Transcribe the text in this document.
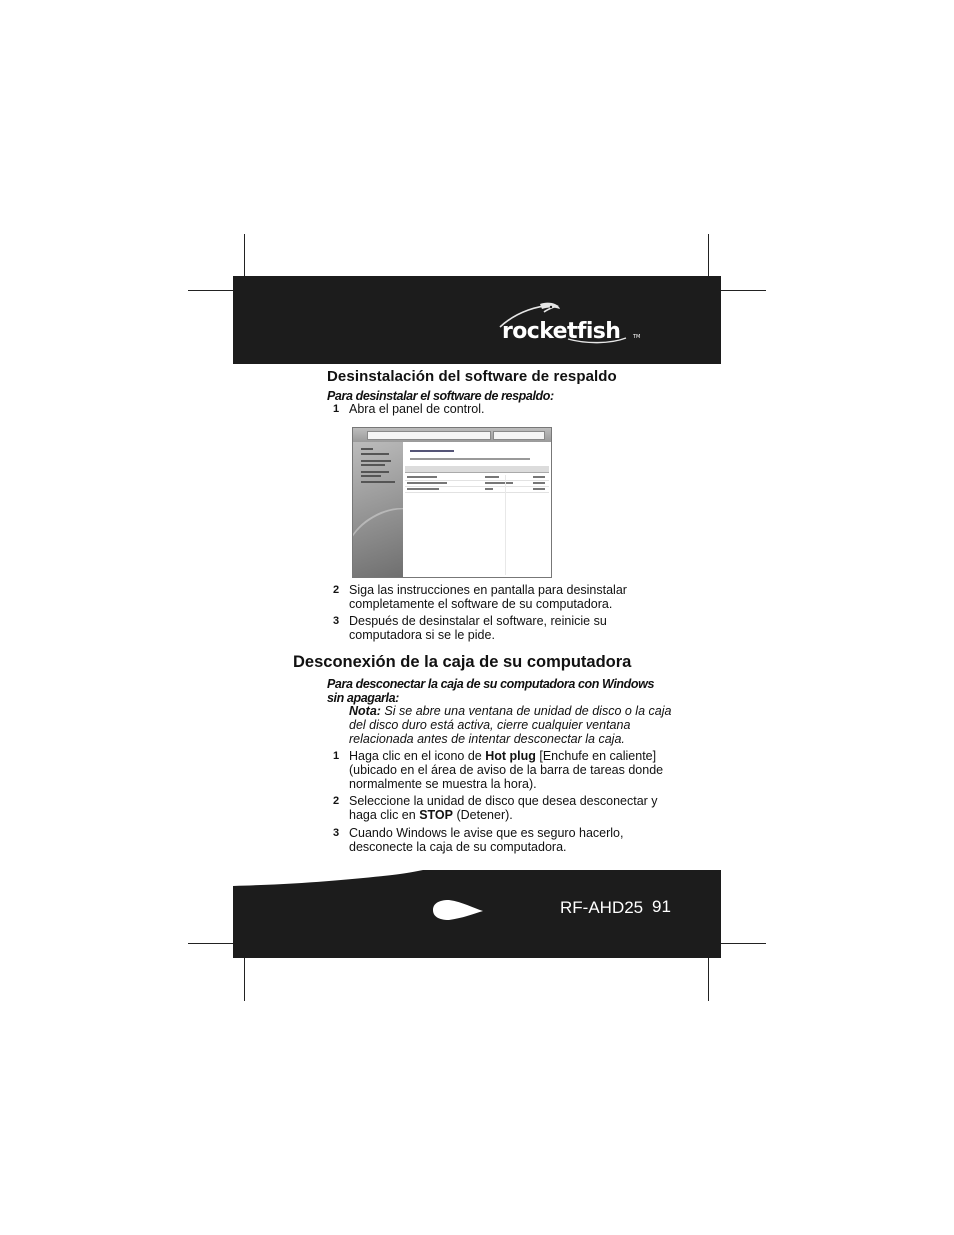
rocketfish	TM
Desinstalación del software de respaldo
Para desinstalar el software de respaldo:
1 Abra el panel de control.
2 Siga las instrucciones en pantalla para desinstalar completamente el software de su computadora.
3 Después de desinstalar el software, reinicie su computadora si se le pide.
Desconexión de la caja de su computadora
Para desconectar la caja de su computadora con Windows sin apagarla:
Nota: Si se abre una ventana de unidad de disco o la caja del disco duro está activa, cierre cualquier ventana relacionada antes de intentar desconectar la caja.
1 Haga clic en el icono de Hot plug [Enchufe en caliente] (ubicado en el área de aviso de la barra de tareas donde normalmente se muestra la hora).
2 Seleccione la unidad de disco que desea desconectar y haga clic en STOP (Detener).
3 Cuando Windows le avise que es seguro hacerlo, desconecte la caja de su computadora.
RF-AHD25 91
